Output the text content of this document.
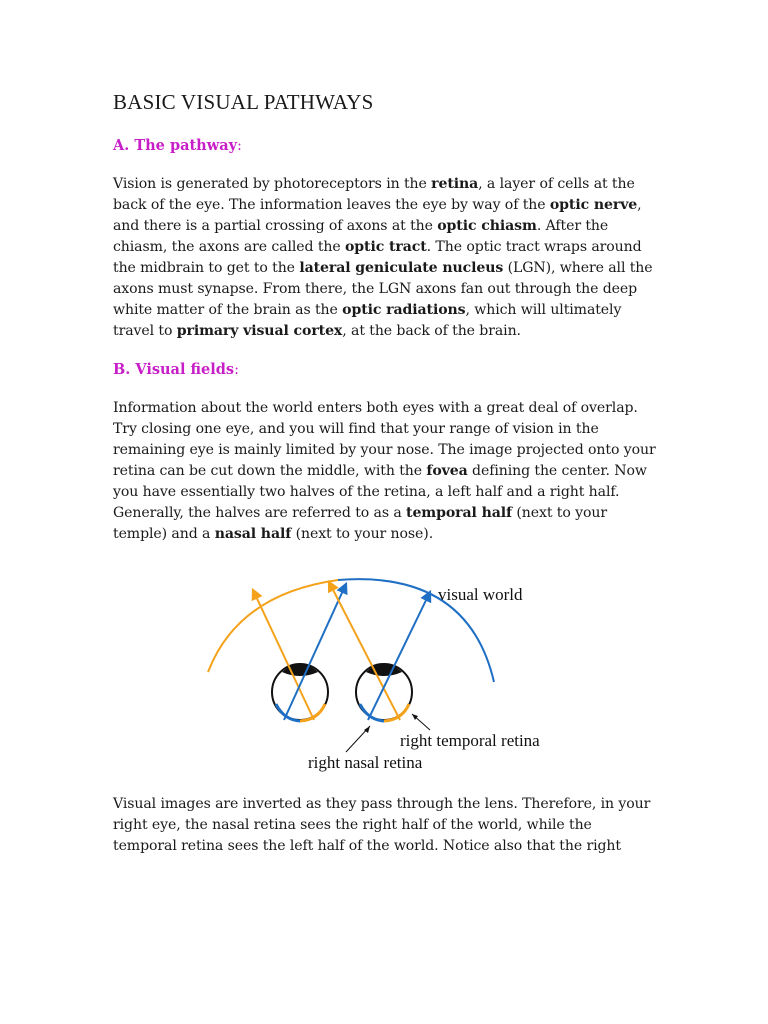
BASIC VISUAL PATHWAYS
A. The pathway:

Vision is generated by photoreceptors in the retina, a layer of cells at the back of the eye. The information leaves the eye by way of the optic nerve, and there is a partial crossing of axons at the optic chiasm. After the chiasm, the axons are called the optic tract. The optic tract wraps around the midbrain to get to the lateral geniculate nucleus (LGN), where all the axons must synapse. From there, the LGN axons fan out through the deep white matter of the brain as the optic radiations, which will ultimately travel to primary visual cortex, at the back of the brain.

B. Visual fields:

Information about the world enters both eyes with a great deal of overlap. Try closing one eye, and you will find that your range of vision in the remaining eye is mainly limited by your nose. The image projected onto your retina can be cut down the middle, with the fovea defining the center. Now you have essentially two halves of the retina, a left half and a right half. Generally, the halves are referred to as a temporal half (next to your temple) and a nasal half (next to your nose).

visual world
right temporal retina
right nasal retina

Visual images are inverted as they pass through the lens. Therefore, in your right eye, the nasal retina sees the right half of the world, while the temporal retina sees the left half of the world. Notice also that the right
